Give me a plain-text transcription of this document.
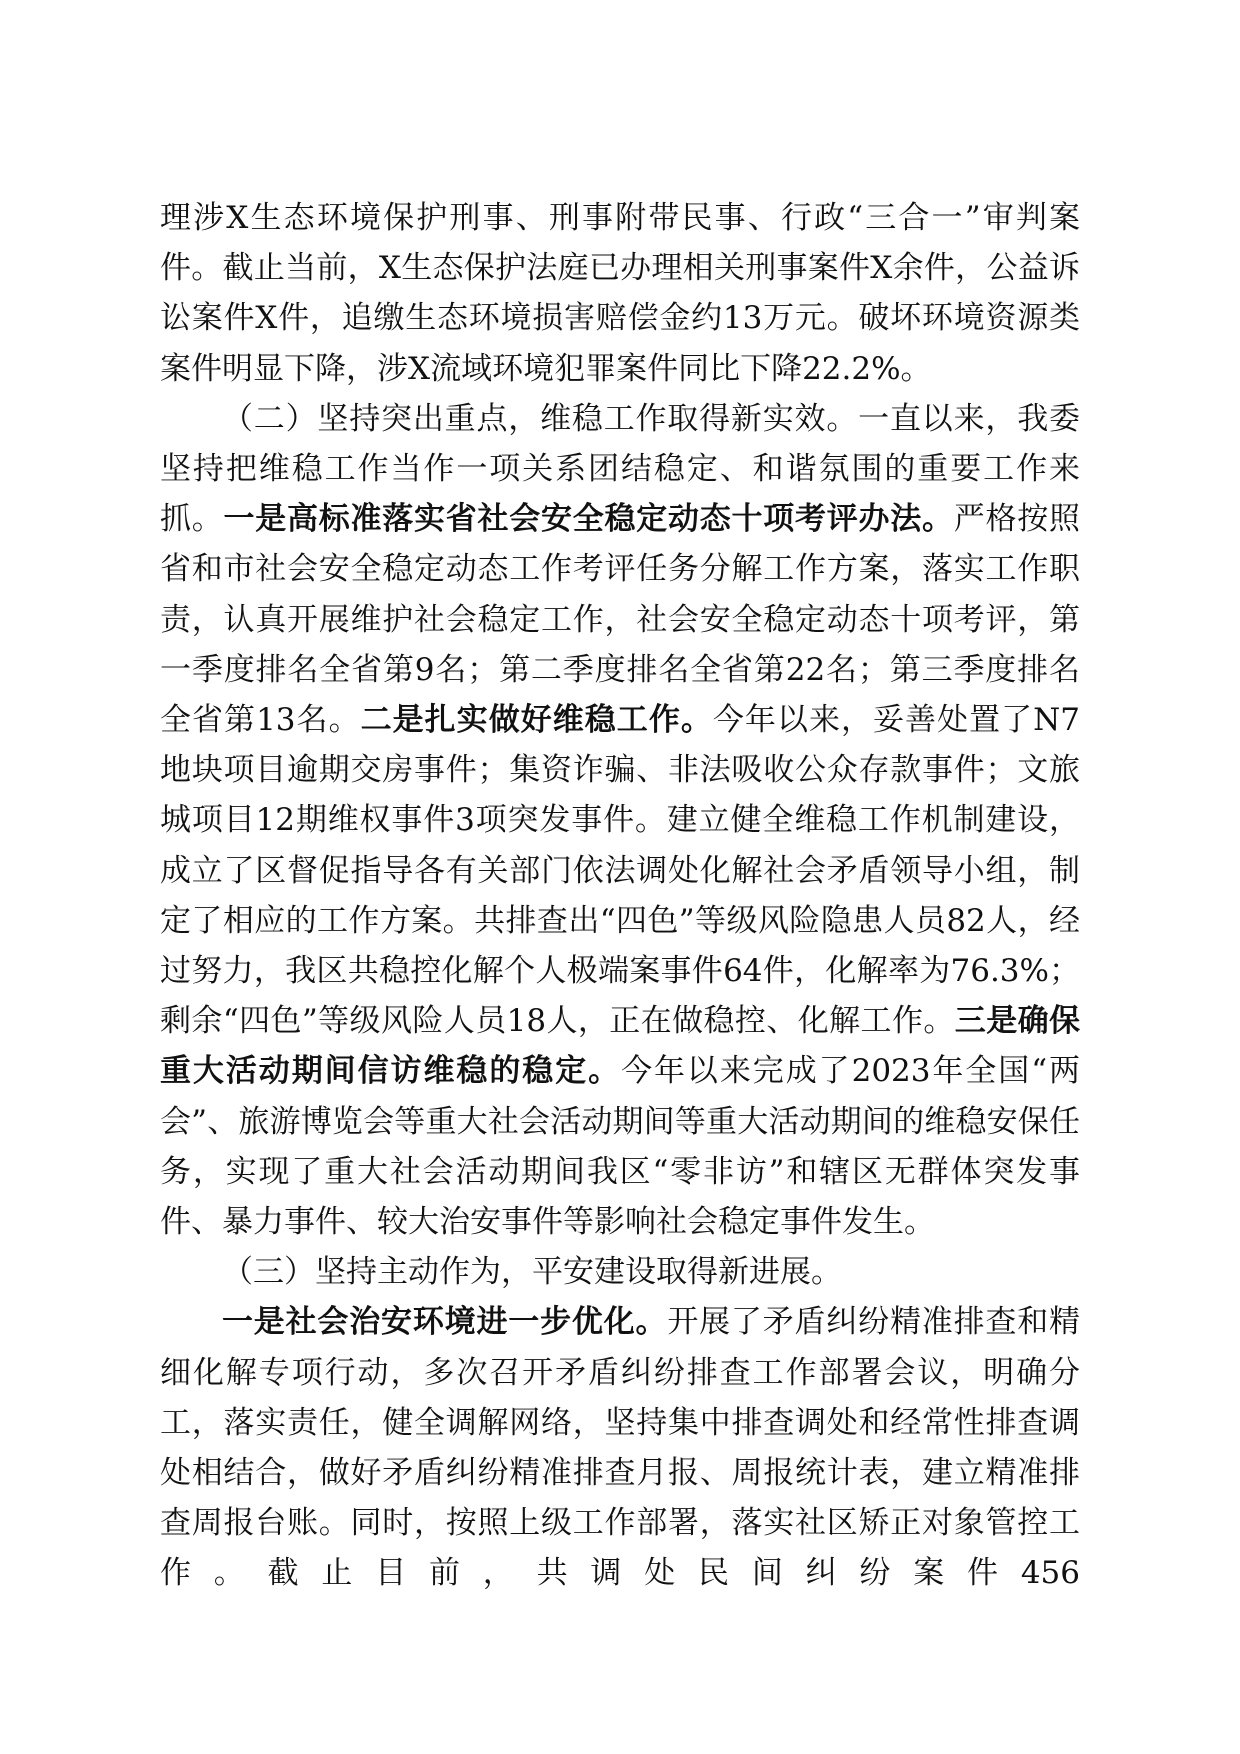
理涉X生态环境保护刑事、刑事附带民事、行政“三合一”审判案件。截止当前，X生态保护法庭已办理相关刑事案件X余件，公益诉讼案件X件，追缴生态环境损害赔偿金约13万元。破坏环境资源类案件明显下降，涉X流域环境犯罪案件同比下降22.2%。

（二）坚持突出重点，维稳工作取得新实效。一直以来，我委坚持把维稳工作当作一项关系团结稳定、和谐氛围的重要工作来抓。一是高标准落实省社会安全稳定动态十项考评办法。严格按照省和市社会安全稳定动态工作考评任务分解工作方案，落实工作职责，认真开展维护社会稳定工作，社会安全稳定动态十项考评，第一季度排名全省第9名；第二季度排名全省第22名；第三季度排名全省第13名。二是扎实做好维稳工作。今年以来，妥善处置了N7地块项目逾期交房事件；集资诈骗、非法吸收公众存款事件；文旅城项目12期维权事件3项突发事件。建立健全维稳工作机制建设，成立了区督促指导各有关部门依法调处化解社会矛盾领导小组，制定了相应的工作方案。共排查出“四色”等级风险隐患人员82人，经过努力，我区共稳控化解个人极端案事件64件，化解率为76.3%；剩余“四色”等级风险人员18人，正在做稳控、化解工作。三是确保重大活动期间信访维稳的稳定。今年以来完成了2023年全国“两会”、旅游博览会等重大社会活动期间等重大活动期间的维稳安保任务，实现了重大社会活动期间我区“零非访”和辖区无群体突发事件、暴力事件、较大治安事件等影响社会稳定事件发生。

（三）坚持主动作为，平安建设取得新进展。

一是社会治安环境进一步优化。开展了矛盾纠纷精准排查和精细化解专项行动，多次召开矛盾纠纷排查工作部署会议，明确分工，落实责任，健全调解网络，坚持集中排查调处和经常性排查调处相结合，做好矛盾纠纷精准排查月报、周报统计表，建立精准排查周报台账。同时，按照上级工作部署，落实社区矫正对象管控工作。截止目前，共调处民间纠纷案件456
